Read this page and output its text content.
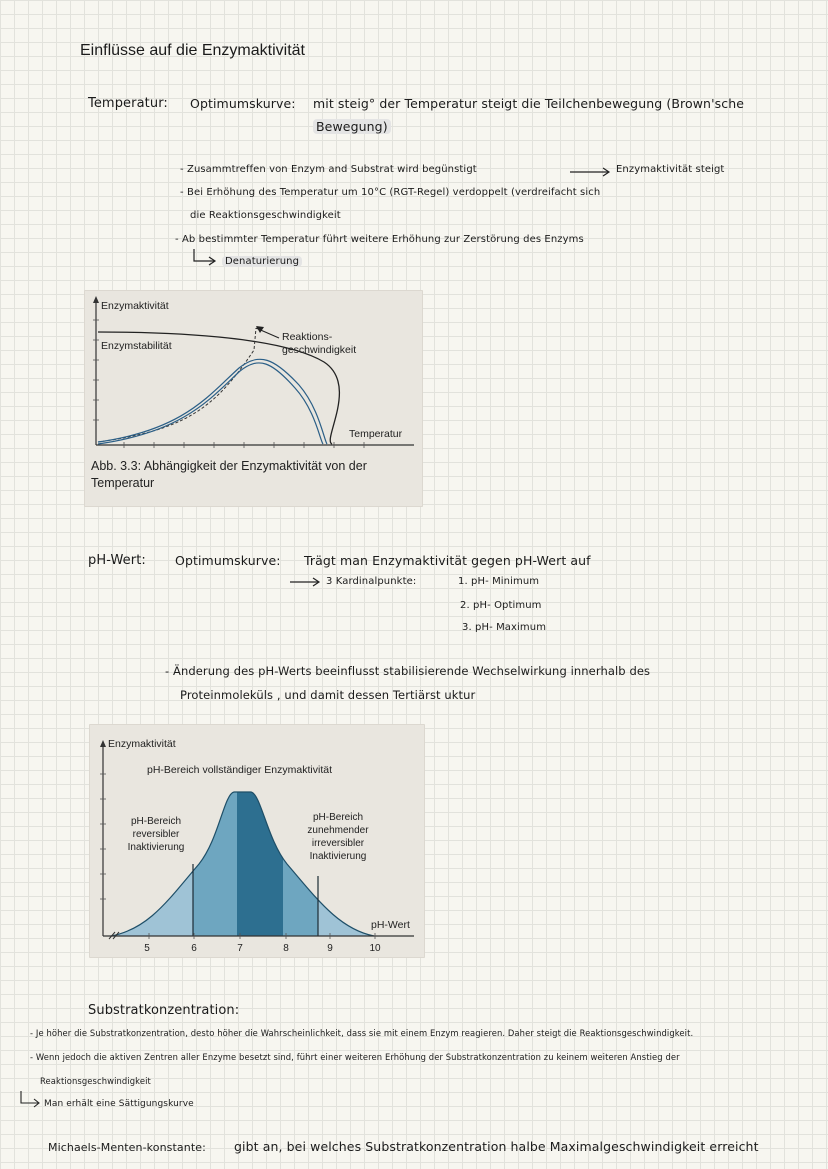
Einflüsse auf die Enzymaktivität
Temperatur: Optimumskurve: mit steig° der Temperatur steigt die Teilchenbewegung (Brown'sche
Bewegung)
- Zusammtreffen von Enzym and Substrat wird begünstigt	Enzymaktivität steigt
- Bei Erhöhung des Temperatur um 10°C (RGT-Regel) verdoppelt (verdreifacht sich
die Reaktionsgeschwindigkeit
- Ab bestimmter Temperatur führt weitere Erhöhung zur Zerstörung des Enzyms
Denaturierung
Enzymaktivität
Enzymstabilität
Reaktions-
geschwindigkeit
Temperatur
Abb. 3.3: Abhängigkeit der Enzymaktivität von der
Temperatur
pH-Wert: Optimumskurve: Trägt man Enzymaktivität gegen pH-Wert auf
3 Kardinalpunkte:	1. pH- Minimum
2. pH- Optimum
3. pH- Maximum
- Änderung des pH-Werts beeinflusst stabilisierende Wechselwirkung innerhalb des
Proteinmoleküls , und damit dessen Tertiärst uktur
5	6	7	8	9	10
Enzymaktivität
pH-Bereich vollständiger Enzymaktivität
pH-Bereich
reversibler
Inaktivierung
pH-Bereich
zunehmender
irreversibler
Inaktivierung
pH-Wert
Substratkonzentration:
- Je höher die Substratkonzentration, desto höher die Wahrscheinlichkeit, dass sie mit einem Enzym reagieren. Daher steigt die Reaktionsgeschwindigkeit.
- Wenn jedoch die aktiven Zentren aller Enzyme besetzt sind, führt einer weiteren Erhöhung der Substratkonzentration zu keinem weiteren Anstieg der
Reaktionsgeschwindigkeit
Man erhält eine Sättigungskurve
Michaels-Menten-konstante: gibt an, bei welches Substratkonzentration halbe Maximalgeschwindigkeit erreicht
